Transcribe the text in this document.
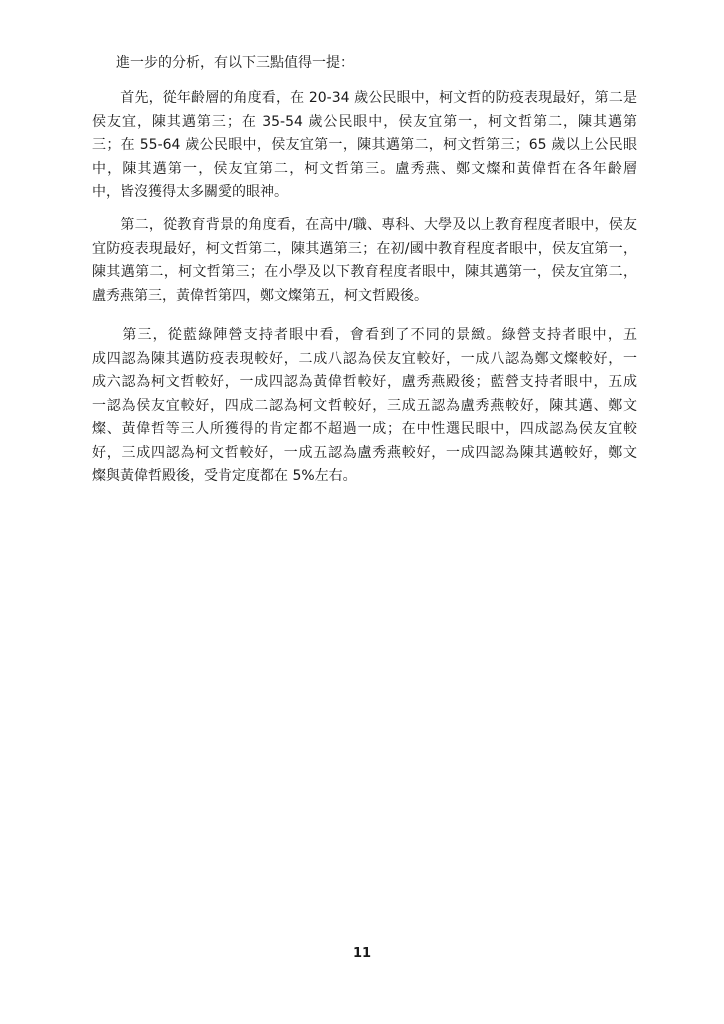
進一步的分析，有以下三點值得一提：

　　首先，從年齡層的角度看，在 20-34 歲公民眼中，柯文哲的防疫表現最好，第二是
侯友宜，陳其邁第三；在 35-54 歲公民眼中，侯友宜第一，柯文哲第二，陳其邁第
三；在 55-64 歲公民眼中，侯友宜第一，陳其邁第二，柯文哲第三；65 歲以上公民眼
中，陳其邁第一，侯友宜第二，柯文哲第三。盧秀燕、鄭文燦和黃偉哲在各年齡層
中，皆沒獲得太多關愛的眼神。

　　第二，從教育背景的角度看，在高中/職、專科、大學及以上教育程度者眼中，侯友
宜防疫表現最好，柯文哲第二，陳其邁第三；在初/國中教育程度者眼中，侯友宜第一，
陳其邁第二，柯文哲第三；在小學及以下教育程度者眼中，陳其邁第一，侯友宜第二，
盧秀燕第三，黃偉哲第四，鄭文燦第五，柯文哲殿後。

　　第三，從藍綠陣營支持者眼中看，會看到了不同的景緻。綠營支持者眼中，五
成四認為陳其邁防疫表現較好，二成八認為侯友宜較好，一成八認為鄭文燦較好，一
成六認為柯文哲較好，一成四認為黃偉哲較好，盧秀燕殿後；藍營支持者眼中，五成
一認為侯友宜較好，四成二認為柯文哲較好，三成五認為盧秀燕較好，陳其邁、鄭文
燦、黃偉哲等三人所獲得的肯定都不超過一成；在中性選民眼中，四成認為侯友宜較
好，三成四認為柯文哲較好，一成五認為盧秀燕較好，一成四認為陳其邁較好，鄭文
燦與黃偉哲殿後，受肯定度都在 5%左右。

11
